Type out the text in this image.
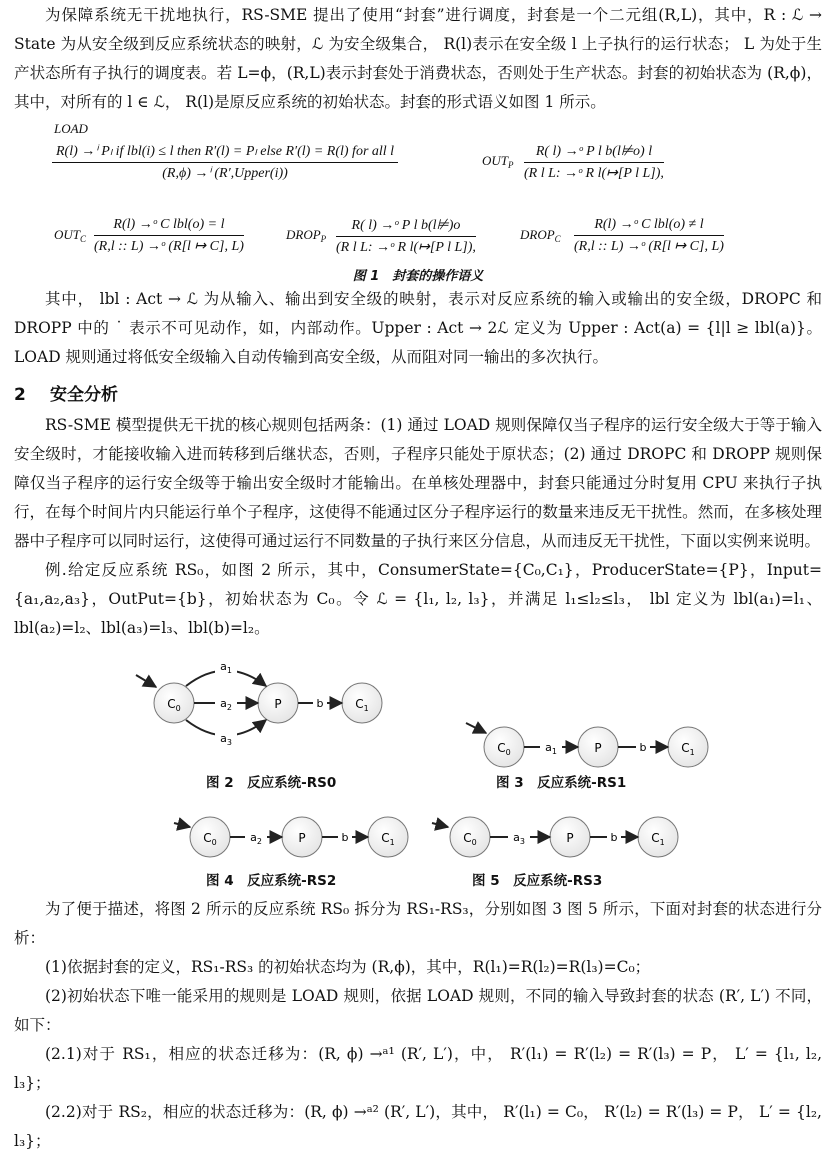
为保障系统无干扰地执行，RS-SME 提出了使用“封套”进行调度，封套是一个二元组(R,L)，其中，R : ℒ → State 为从安全级到反应系统状态的映射，ℒ 为安全级集合， R(l)表示在安全级 l 上子执行的运行状态； L 为处于生产状态所有子执行的调度表。若 L=ϕ，(R,L)表示封套处于消费状态，否则处于生产状态。封套的初始状态为 (R,ϕ)，其中，对所有的 l ∈ ℒ， R(l)是原反应系统的初始状态。封套的形式语义如图 1 所示。

LOAD
R(l) →ⁱ Pₗ if lbl(i) ≤ l then R′(l) = Pₗ else R′(l) = R(l) for all l
(R,ϕ) →ⁱ (R′,Upper(i))
$OUT_P \frac{\text{R( l) →ᵒ P l b(l⊭o) l}}{\text{(R l L: →ᵒ R l(↦[P l L]),}}$
$OUT_C$
R(l) →ᵒ C lbl(o) = l
(R,l :: L) →ᵒ (R[l ↦ C], L)
$DROP_P \frac{\text{R( l) →ᵒ P l b(l⊭)o}}{\text{(R l L: →ᵒ R l(↦[P l L]),}}$	$DROP_C$
R(l) →ᵒ C lbl(o) ≠ l
(R,l :: L) →ᵒ (R[l ↦ C], L)
图 1　封套的操作语义

其中， lbl : Act → ℒ 为从输入、输出到安全级的映射，表示对反应系统的输入或输出的安全级，DROPC 和 DROPP 中的 ˙ 表示不可见动作，如，内部动作。Upper : Act → 2ℒ 定义为 Upper : Act(a) = {l|l ≥ lbl(a)}。LOAD 规则通过将低安全级输入自动传输到高安全级，从而阻对同一输出的多次执行。

2 安全分析

RS-SME 模型提供无干扰的核心规则包括两条：(1) 通过 LOAD 规则保障仅当子程序的运行安全级大于等于输入安全级时，才能接收输入进而转移到后继状态，否则，子程序只能处于原状态；(2) 通过 DROPC 和 DROPP 规则保障仅当子程序的运行安全级等于输出安全级时才能输出。在单核处理器中，封套只能通过分时复用 CPU 来执行子执行，在每个时间片内只能运行单个子程序，这使得不能通过区分子程序运行的数量来违反无干扰性。然而，在多核处理器中子程序可以同时运行，这使得可通过运行不同数量的子执行来区分信息，从而违反无干扰性，下面以实例来说明。

例.给定反应系统 RS₀，如图 2 所示，其中，ConsumerState={C₀,C₁}，ProducerState={P}，Input={a₁,a₂,a₃}，OutPut={b}，初始状态为 C₀。令 ℒ = {l₁, l₂, l₃}，并满足 l₁≤l₂≤l₃， lbl 定义为 lbl(a₁)=l₁、lbl(a₂)=l₂、lbl(a₃)=l₃、lbl(b)=l₂。

$C_0$	P	$C_1$
$a_1$
$a_2$
$a_3$
b
$C_0$	P	$C_1$
$a_1$	b
$C_0$	P	$C_1$
$a_2$	b	$C_0$	P	$C_1$
$a_3$	b
图 2　反应系统-RS0	图 3　反应系统-RS1
图 4　反应系统-RS2	图 5　反应系统-RS3

为了便于描述，将图 2 所示的反应系统 RS₀ 拆分为 RS₁-RS₃，分别如图 3 图 5 所示，下面对封套的状态进行分析：

(1)依据封套的定义，RS₁-RS₃ 的初始状态均为 (R,ϕ)，其中，R(l₁)=R(l₂)=R(l₃)=C₀；

(2)初始状态下唯一能采用的规则是 LOAD 规则，依据 LOAD 规则，不同的输入导致封套的状态 (R′, L′) 不同，如下：

(2.1)对于 RS₁，相应的状态迁移为：(R, ϕ) →ᵃ¹ (R′, L′)，中， R′(l₁) = R′(l₂) = R′(l₃) = P， L′ = {l₁, l₂, l₃}；

(2.2)对于 RS₂，相应的状态迁移为：(R, ϕ) →ᵃ² (R′, L′)，其中， R′(l₁) = C₀， R′(l₂) = R′(l₃) = P， L′ = {l₂, l₃}；
